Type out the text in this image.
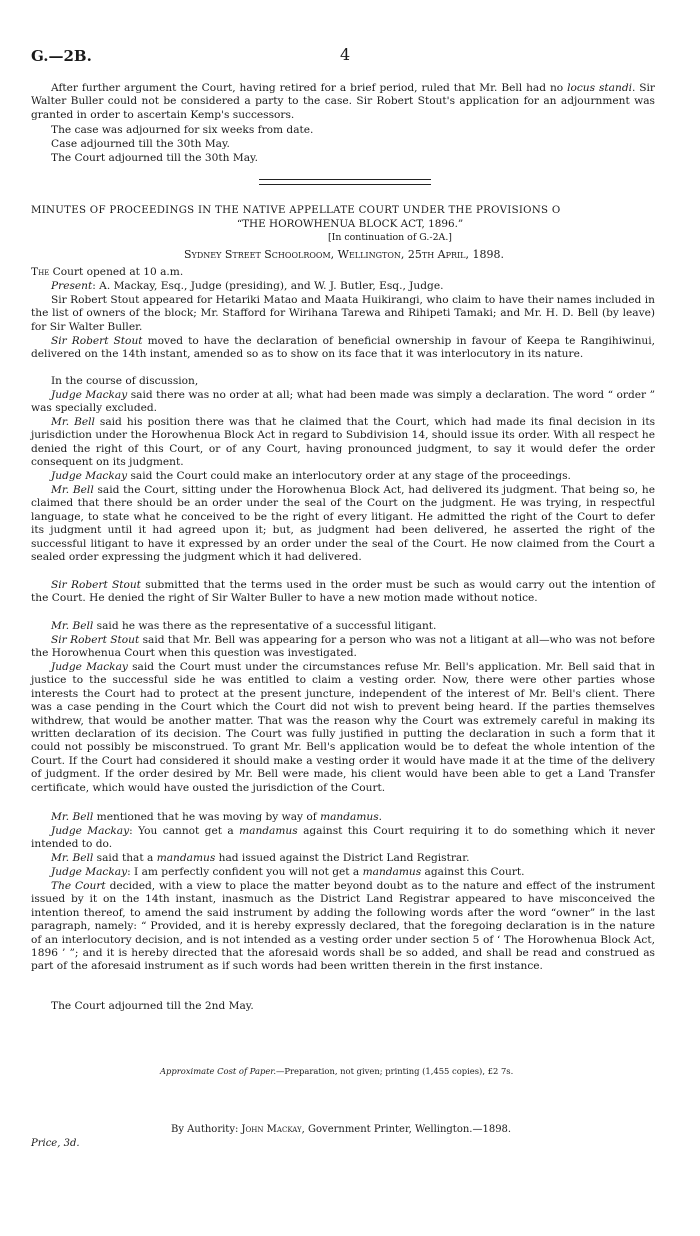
G.—2B.	4
After further argument the Court, having retired for a brief period, ruled that Mr. Bell had no locus standi. Sir Walter Buller could not be considered a party to the case. Sir Robert Stout's application for an adjournment was granted in order to ascertain Kemp's successors.
The case was adjourned for six weeks from date.
Case adjourned till the 30th May.
The Court adjourned till the 30th May.
MINUTES OF PROCEEDINGS IN THE NATIVE APPELLATE COURT UNDER THE PROVISIONS O
“THE HOROWHENUA BLOCK ACT, 1896.”
[In continuation of G.-2A.]
Sydney Street Schoolroom, Wellington, 25th April, 1898.
The Court opened at 10 a.m.
Present: A. Mackay, Esq., Judge (presiding), and W. J. Butler, Esq., Judge.
Sir Robert Stout appeared for Hetariki Matao and Maata Huikirangi, who claim to have their names included in the list of owners of the block; Mr. Stafford for Wirihana Tarewa and Rihipeti Tamaki; and Mr. H. D. Bell (by leave) for Sir Walter Buller.
Sir Robert Stout moved to have the declaration of beneficial ownership in favour of Keepa te Rangihiwinui, delivered on the 14th instant, amended so as to show on its face that it was interlocutory in its nature.
In the course of discussion,
Judge Mackay said there was no order at all; what had been made was simply a declaration. The word “ order ” was specially excluded.
Mr. Bell said his position there was that he claimed that the Court, which had made its final decision in its jurisdiction under the Horowhenua Block Act in regard to Subdivision 14, should issue its order. With all respect he denied the right of this Court, or of any Court, having pronounced judgment, to say it would defer the order consequent on its judgment.
Judge Mackay said the Court could make an interlocutory order at any stage of the proceedings.
Mr. Bell said the Court, sitting under the Horowhenua Block Act, had delivered its judgment. That being so, he claimed that there should be an order under the seal of the Court on the judgment. He was trying, in respectful language, to state what he conceived to be the right of every litigant. He admitted the right of the Court to defer its judgment until it had agreed upon it; but, as judgment had been delivered, he asserted the right of the successful litigant to have it expressed by an order under the seal of the Court. He now claimed from the Court a sealed order expressing the judgment which it had delivered.
Sir Robert Stout submitted that the terms used in the order must be such as would carry out the intention of the Court. He denied the right of Sir Walter Buller to have a new motion made without notice.
Mr. Bell said he was there as the representative of a successful litigant.
Sir Robert Stout said that Mr. Bell was appearing for a person who was not a litigant at all—who was not before the Horowhenua Court when this question was investigated.
Judge Mackay said the Court must under the circumstances refuse Mr. Bell's application. Mr. Bell said that in justice to the successful side he was entitled to claim a vesting order. Now, there were other parties whose interests the Court had to protect at the present juncture, independent of the interest of Mr. Bell's client. There was a case pending in the Court which the Court did not wish to prevent being heard. If the parties themselves withdrew, that would be another matter. That was the reason why the Court was extremely careful in making its written declaration of its decision. The Court was fully justified in putting the declaration in such a form that it could not possibly be misconstrued. To grant Mr. Bell's application would be to defeat the whole intention of the Court. If the Court had considered it should make a vesting order it would have made it at the time of the delivery of judgment. If the order desired by Mr. Bell were made, his client would have been able to get a Land Transfer certificate, which would have ousted the jurisdiction of the Court.
Mr. Bell mentioned that he was moving by way of mandamus.
Judge Mackay: You cannot get a mandamus against this Court requiring it to do something which it never intended to do.
Mr. Bell said that a mandamus had issued against the District Land Registrar.
Judge Mackay: I am perfectly confident you will not get a mandamus against this Court.
The Court decided, with a view to place the matter beyond doubt as to the nature and effect of the instrument issued by it on the 14th instant, inasmuch as the District Land Registrar appeared to have misconceived the intention thereof, to amend the said instrument by adding the following words after the word “owner” in the last paragraph, namely: “ Provided, and it is hereby expressly declared, that the foregoing declaration is in the nature of an interlocutory decision, and is not intended as a vesting order under section 5 of ‘ The Horowhenua Block Act, 1896 ’ ”; and it is hereby directed that the aforesaid words shall be so added, and shall be read and construed as part of the aforesaid instrument as if such words had been written therein in the first instance.
The Court adjourned till the 2nd May.
Approximate Cost of Paper.—Preparation, not given; printing (1,455 copies), £2 7s.
By Authority: John Mackay, Government Printer, Wellington.—1898.
Price, 3d.
